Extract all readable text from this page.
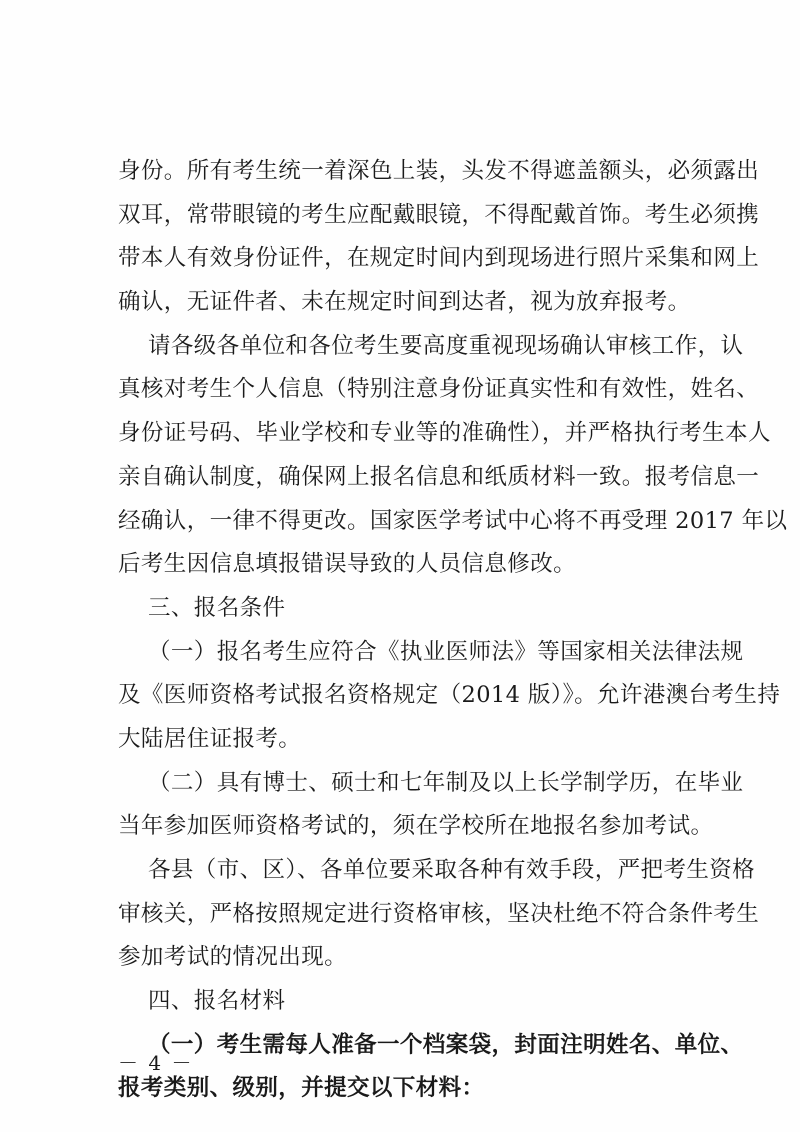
身份。所有考生统一着深色上装，头发不得遮盖额头，必须露出
双耳，常带眼镜的考生应配戴眼镜，不得配戴首饰。考生必须携
带本人有效身份证件，在规定时间内到现场进行照片采集和网上
确认，无证件者、未在规定时间到达者，视为放弃报考。
请各级各单位和各位考生要高度重视现场确认审核工作，认
真核对考生个人信息（特别注意身份证真实性和有效性，姓名、
身份证号码、毕业学校和专业等的准确性），并严格执行考生本人
亲自确认制度，确保网上报名信息和纸质材料一致。报考信息一
经确认，一律不得更改。国家医学考试中心将不再受理 2017 年以
后考生因信息填报错误导致的人员信息修改。
三、报名条件
（一）报名考生应符合《执业医师法》等国家相关法律法规
及《医师资格考试报名资格规定（2014 版）》。允许港澳台考生持
大陆居住证报考。
（二）具有博士、硕士和七年制及以上长学制学历，在毕业
当年参加医师资格考试的，须在学校所在地报名参加考试。
各县（市、区）、各单位要采取各种有效手段，严把考生资格
审核关，严格按照规定进行资格审核，坚决杜绝不符合条件考生
参加考试的情况出现。
四、报名材料
（一）考生需每人准备一个档案袋，封面注明姓名、单位、
报考类别、级别，并提交以下材料：
－ 4 －
